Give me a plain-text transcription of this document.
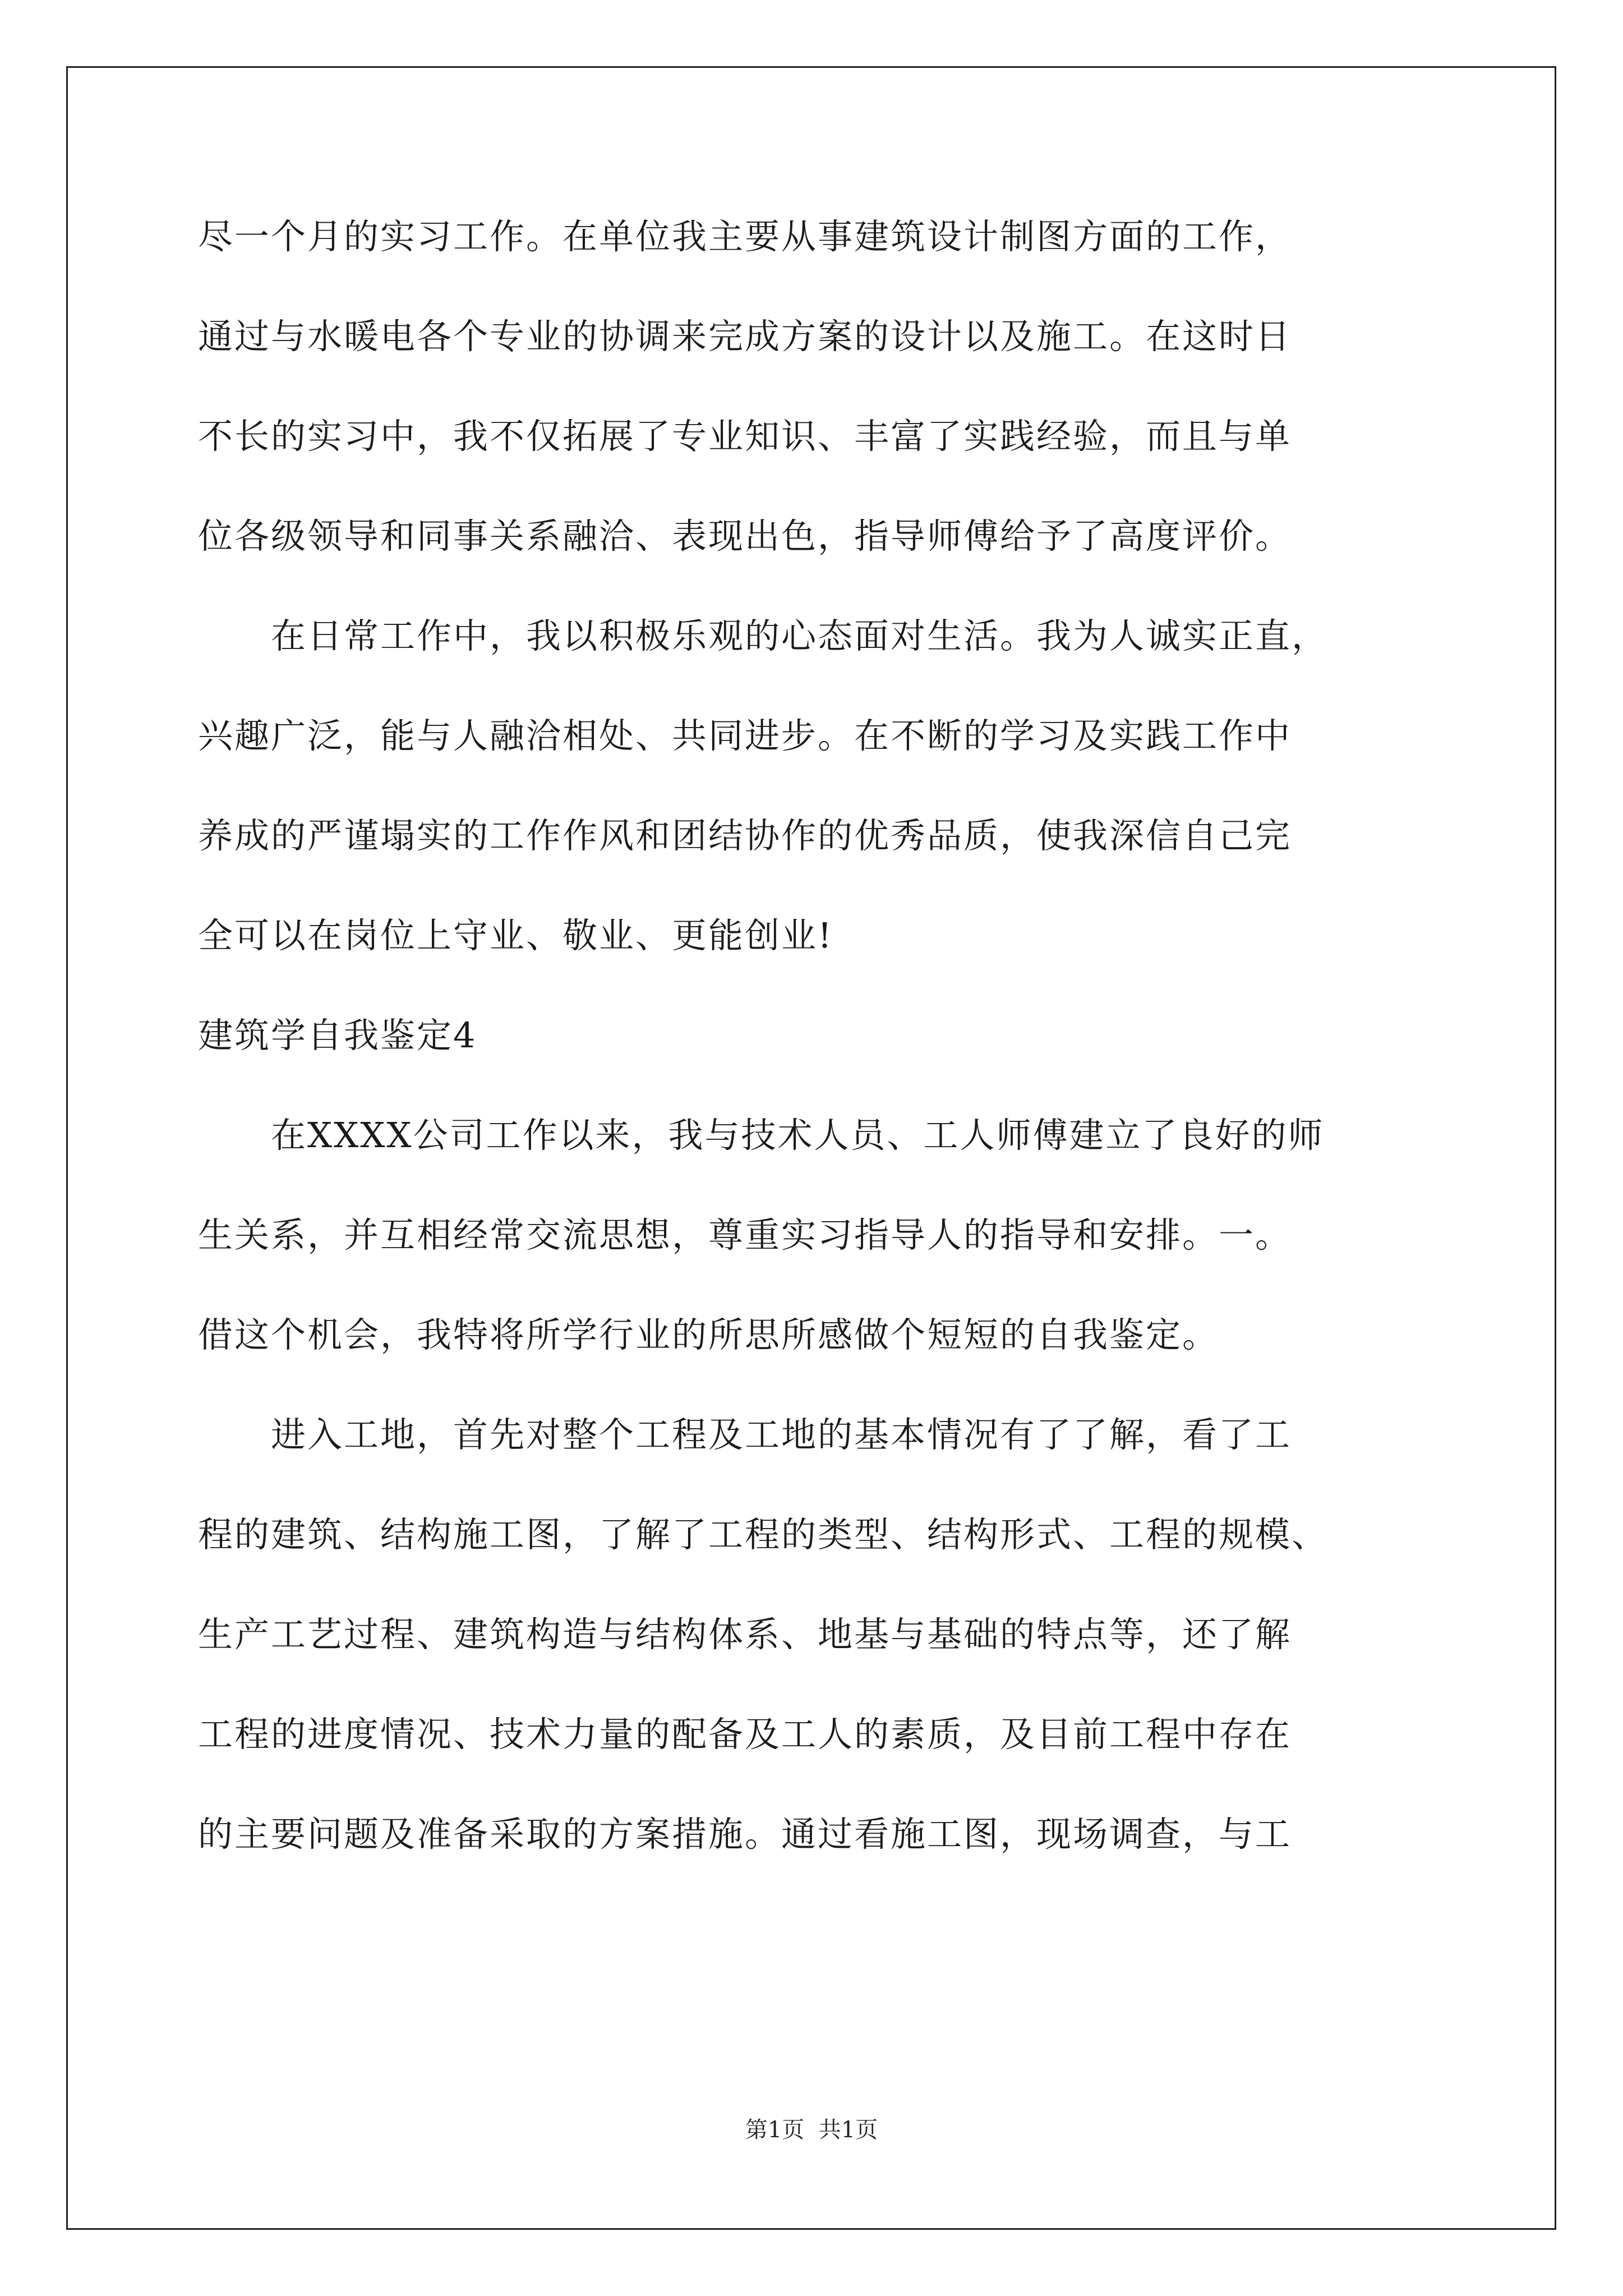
尽一个月的实习工作。在单位我主要从事建筑设计制图方面的工作，
通过与水暖电各个专业的协调来完成方案的设计以及施工。在这时日
不长的实习中，我不仅拓展了专业知识、丰富了实践经验，而且与单
位各级领导和同事关系融洽、表现出色，指导师傅给予了高度评价。
　　在日常工作中，我以积极乐观的心态面对生活。我为人诚实正直，
兴趣广泛，能与人融洽相处、共同进步。在不断的学习及实践工作中
养成的严谨塌实的工作作风和团结协作的优秀品质，使我深信自己完
全可以在岗位上守业、敬业、更能创业!
建筑学自我鉴定4
　　在XXXX公司工作以来，我与技术人员、工人师傅建立了良好的师
生关系，并互相经常交流思想，尊重实习指导人的指导和安排。一。
借这个机会，我特将所学行业的所思所感做个短短的自我鉴定。
　　进入工地，首先对整个工程及工地的基本情况有了了解，看了工
程的建筑、结构施工图，了解了工程的类型、结构形式、工程的规模、
生产工艺过程、建筑构造与结构体系、地基与基础的特点等，还了解
工程的进度情况、技术力量的配备及工人的素质，及目前工程中存在
的主要问题及准备采取的方案措施。通过看施工图，现场调查，与工
第1页  共1页
